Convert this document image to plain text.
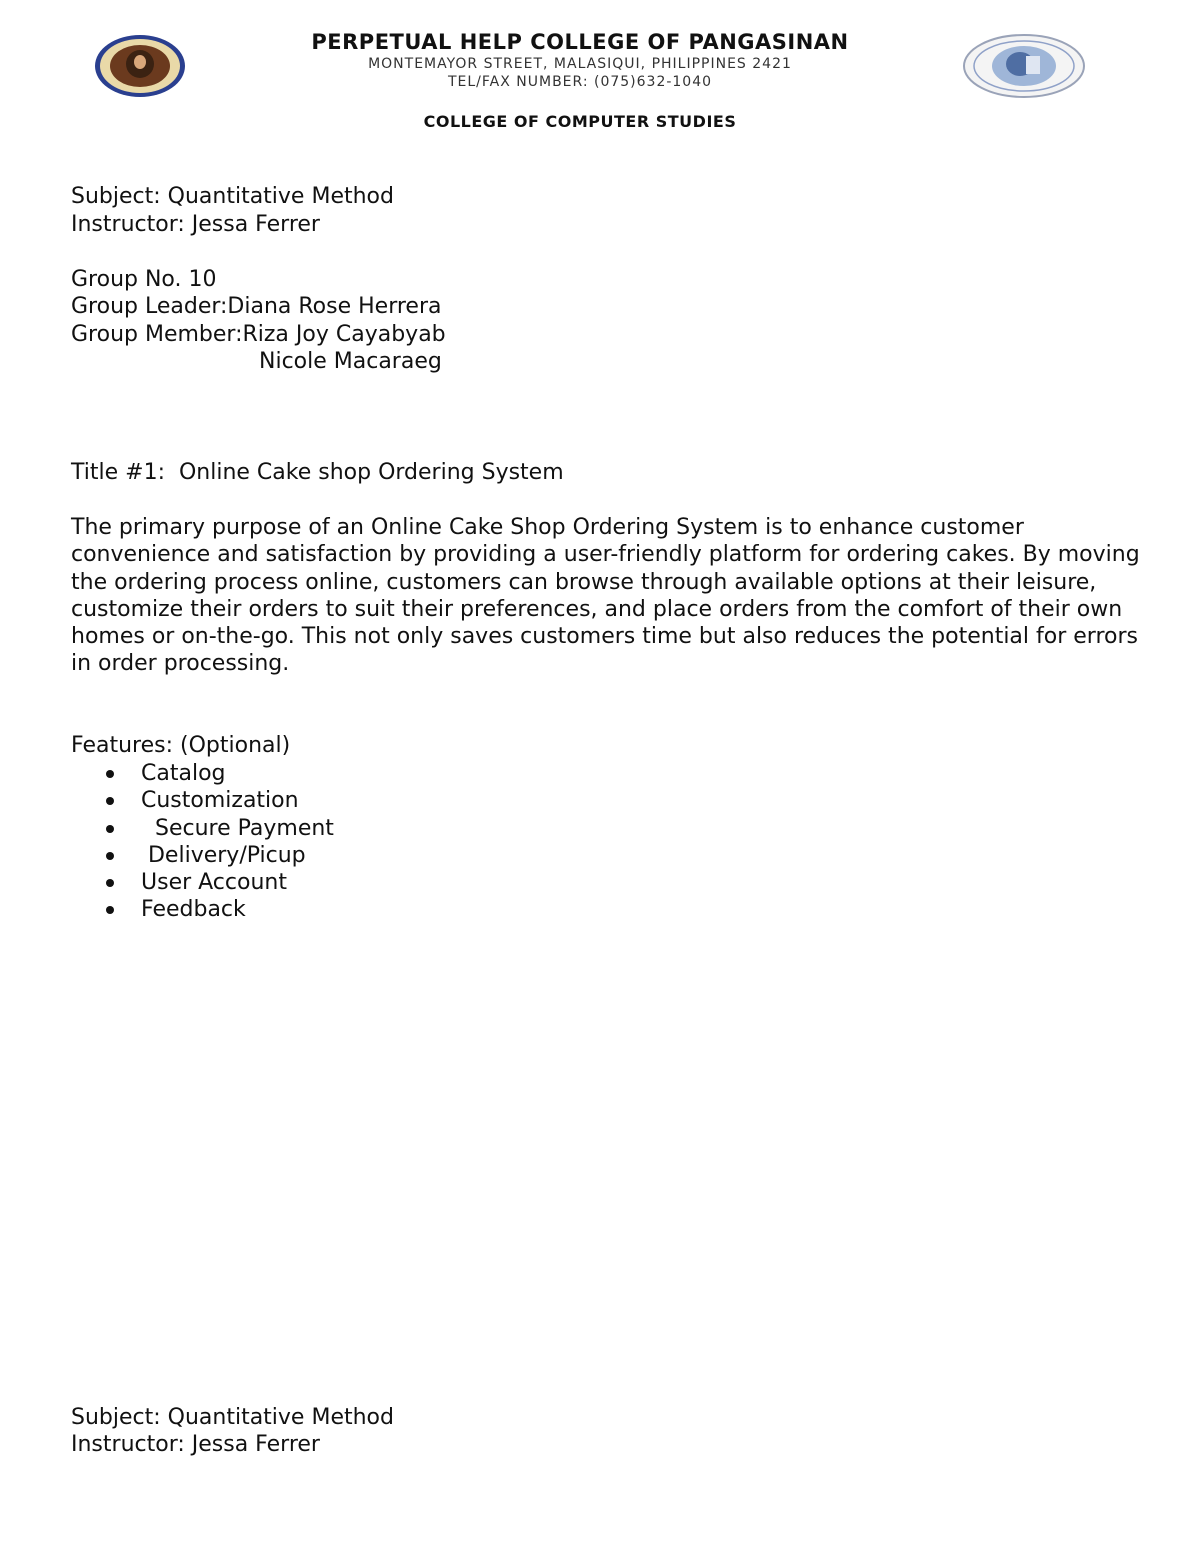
PERPETUAL HELP COLLEGE OF PANGASINAN
MONTEMAYOR STREET, MALASIQUI, PHILIPPINES 2421
TEL/FAX NUMBER: (075)632-1040
COLLEGE OF COMPUTER STUDIES
Subject: Quantitative Method
Instructor: Jessa Ferrer
Group No. 10
Group Leader:Diana Rose Herrera
Group Member:Riza Joy Cayabyab
Nicole Macaraeg
Title #1:  Online Cake shop Ordering System
The primary purpose of an Online Cake Shop Ordering System is to enhance customer convenience and satisfaction by providing a user-friendly platform for ordering cakes. By moving the ordering process online, customers can browse through available options at their leisure, customize their orders to suit their preferences, and place orders from the comfort of their own homes or on-the-go. This not only saves customers time but also reduces the potential for errors in order processing.
Features: (Optional)
Catalog
Customization
Secure Payment
Delivery/Picup
User Account
Feedback
Subject: Quantitative Method
Instructor: Jessa Ferrer
